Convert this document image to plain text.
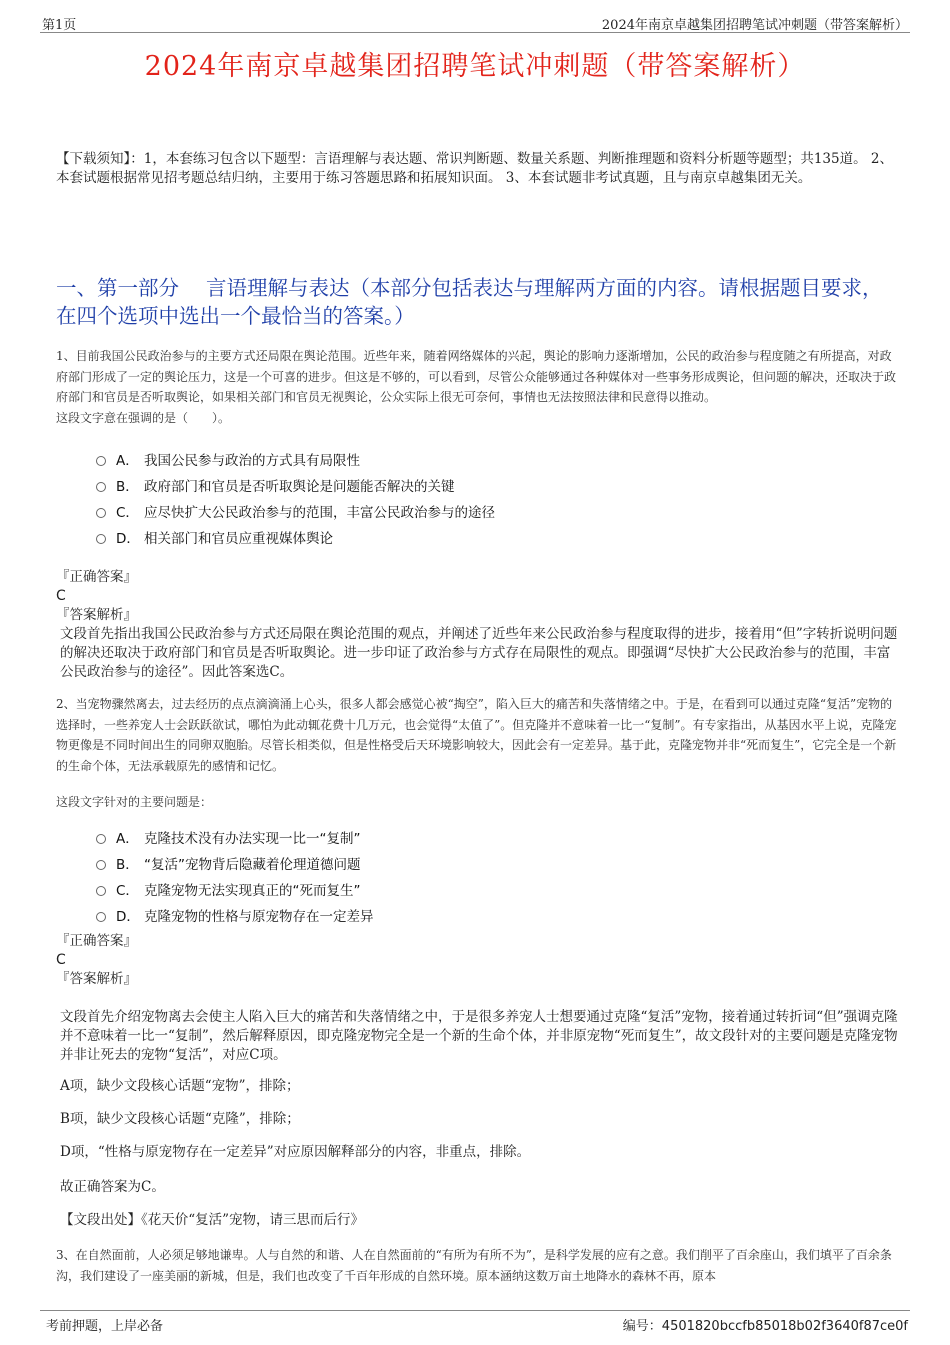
第1页	2024年南京卓越集团招聘笔试冲刺题（带答案解析）
2024年南京卓越集团招聘笔试冲刺题（带答案解析）
【下载须知】：1，本套练习包含以下题型：言语理解与表达题、常识判断题、数量关系题、判断推理题和资料分析题等题型；共135道。 2、本套试题根据常见招考题总结归纳，主要用于练习答题思路和拓展知识面。 3、本套试题非考试真题，且与南京卓越集团无关。
一、第一部分　 言语理解与表达（本部分包括表达与理解两方面的内容。请根据题目要求，在四个选项中选出一个最恰当的答案。）
1、目前我国公民政治参与的主要方式还局限在舆论范围。近些年来，随着网络媒体的兴起，舆论的影响力逐渐增加，公民的政治参与程度随之有所提高，对政府部门形成了一定的舆论压力，这是一个可喜的进步。但这是不够的，可以看到，尽管公众能够通过各种媒体对一些事务形成舆论，但问题的解决，还取决于政府部门和官员是否听取舆论，如果相关部门和官员无视舆论，公众实际上很无可奈何，事情也无法按照法律和民意得以推动。
这段文字意在强调的是（　　）。
A． 我国公民参与政治的方式具有局限性
B． 政府部门和官员是否听取舆论是问题能否解决的关键
C． 应尽快扩大公民政治参与的范围，丰富公民政治参与的途径
D． 相关部门和官员应重视媒体舆论
『正确答案』
C
『答案解析』
文段首先指出我国公民政治参与方式还局限在舆论范围的观点，并阐述了近些年来公民政治参与程度取得的进步，接着用“但”字转折说明问题的解决还取决于政府部门和官员是否听取舆论。进一步印证了政治参与方式存在局限性的观点。即强调“尽快扩大公民政治参与的范围，丰富公民政治参与的途径”。因此答案选C。
2、当宠物骤然离去，过去经历的点点滴滴涌上心头，很多人都会感觉心被“掏空”，陷入巨大的痛苦和失落情绪之中。于是，在看到可以通过克隆“复活”宠物的选择时，一些养宠人士会跃跃欲试，哪怕为此动辄花费十几万元，也会觉得“太值了”。但克隆并不意味着一比一“复制”。有专家指出，从基因水平上说，克隆宠物更像是不同时间出生的同卵双胞胎。尽管长相类似，但是性格受后天环境影响较大，因此会有一定差异。基于此，克隆宠物并非“死而复生”，它完全是一个新的生命个体，无法承载原先的感情和记忆。
这段文字针对的主要问题是：
A． 克隆技术没有办法实现一比一“复制”
B． “复活”宠物背后隐藏着伦理道德问题
C． 克隆宠物无法实现真正的“死而复生”
D． 克隆宠物的性格与原宠物存在一定差异
『正确答案』
C
『答案解析』
文段首先介绍宠物离去会使主人陷入巨大的痛苦和失落情绪之中，于是很多养宠人士想要通过克隆“复活”宠物，接着通过转折词“但”强调克隆并不意味着一比一“复制”，然后解释原因，即克隆宠物完全是一个新的生命个体，并非原宠物“死而复生”，故文段针对的主要问题是克隆宠物并非让死去的宠物“复活”，对应C项。
A项，缺少文段核心话题“宠物”，排除；
B项，缺少文段核心话题“克隆”，排除；
D项，“性格与原宠物存在一定差异”对应原因解释部分的内容，非重点，排除。
故正确答案为C。
【文段出处】《花天价“复活”宠物，请三思而后行》
3、在自然面前，人必须足够地谦卑。人与自然的和谐、人在自然面前的“有所为有所不为”，是科学发展的应有之意。我们削平了百余座山，我们填平了百余条沟，我们建设了一座美丽的新城，但是，我们也改变了千百年形成的自然环境。原本涵纳这数万亩土地降水的森林不再，原本
考前押题，上岸必备	编号：4501820bccfb85018b02f3640f87ce0f
